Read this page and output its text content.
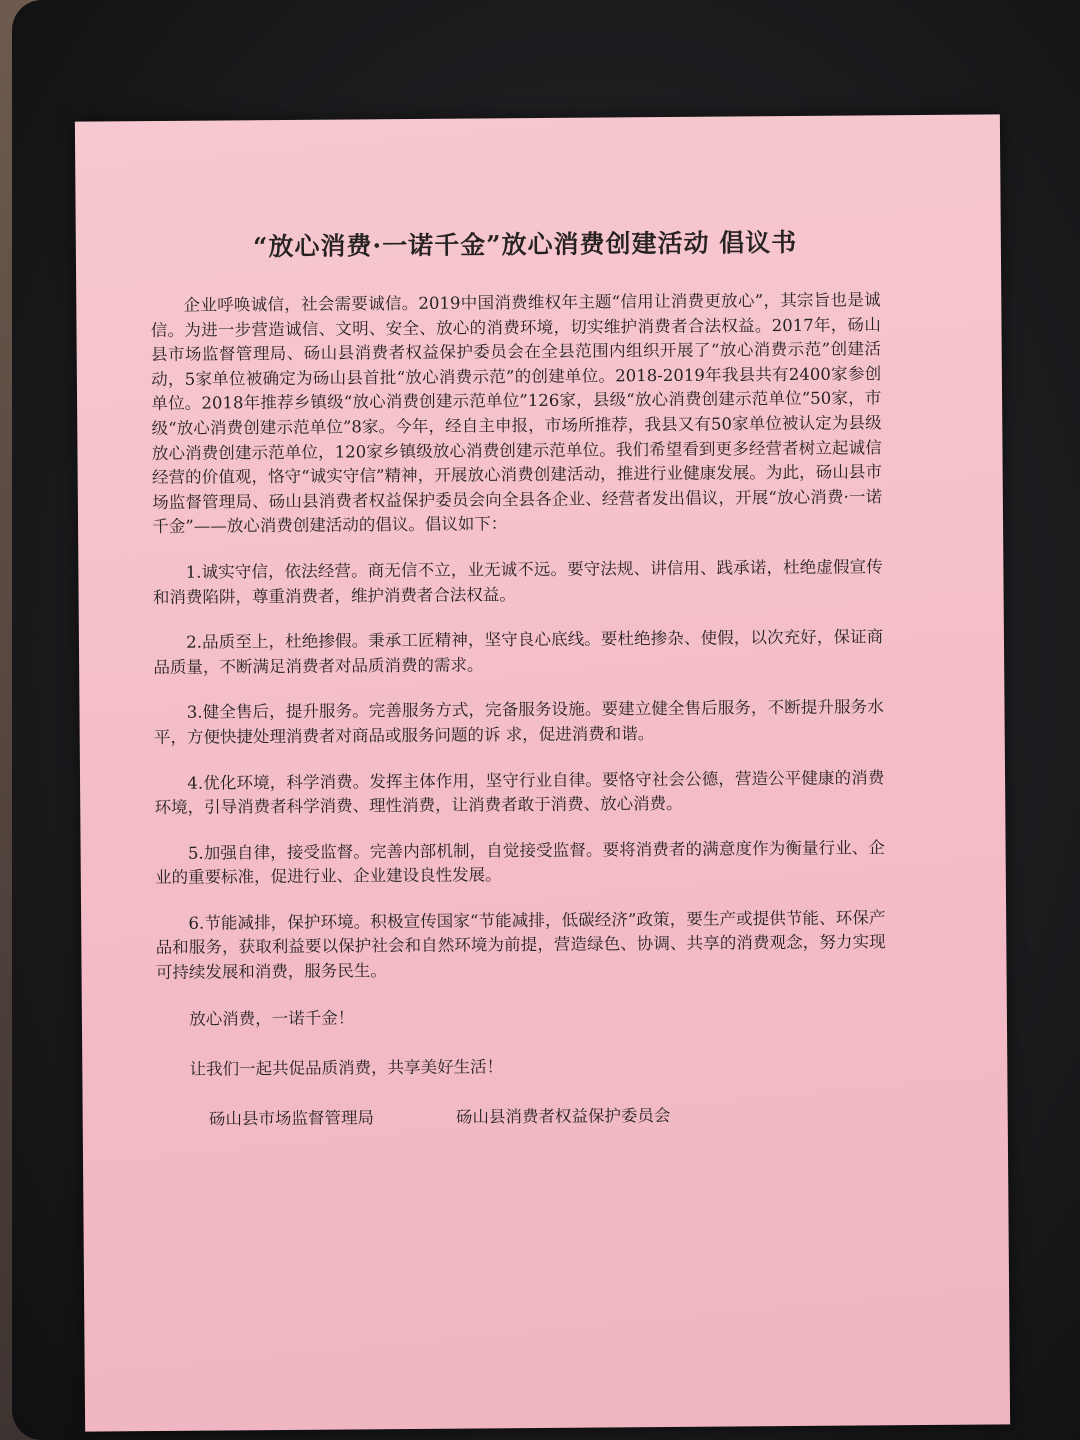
“放心消费·一诺千金”放心消费创建活动 倡议书

企业呼唤诚信，社会需要诚信。2019中国消费维权年主题“信用让消费更放心”，其宗旨也是诚信。为进一步营造诚信、文明、安全、放心的消费环境，切实维护消费者合法权益。2017年，砀山县市场监督管理局、砀山县消费者权益保护委员会在全县范围内组织开展了“放心消费示范”创建活动，5家单位被确定为砀山县首批“放心消费示范”的创建单位。2018-2019年我县共有2400家参创单位。2018年推荐乡镇级“放心消费创建示范单位”126家，县级“放心消费创建示范单位”50家，市级“放心消费创建示范单位”8家。今年，经自主申报，市场所推荐，我县又有50家单位被认定为县级放心消费创建示范单位，120家乡镇级放心消费创建示范单位。我们希望看到更多经营者树立起诚信经营的价值观，恪守“诚实守信”精神，开展放心消费创建活动，推进行业健康发展。为此，砀山县市场监督管理局、砀山县消费者权益保护委员会向全县各企业、经营者发出倡议，开展“放心消费·一诺千金”——放心消费创建活动的倡议。倡议如下：

1.诚实守信，依法经营。商无信不立，业无诚不远。要守法规、讲信用、践承诺，杜绝虚假宣传和消费陷阱，尊重消费者，维护消费者合法权益。

2.品质至上，杜绝掺假。秉承工匠精神，坚守良心底线。要杜绝掺杂、使假，以次充好，保证商品质量，不断满足消费者对品质消费的需求。

3.健全售后，提升服务。完善服务方式，完备服务设施。要建立健全售后服务，不断提升服务水平，方便快捷处理消费者对商品或服务问题的诉 求，促进消费和谐。

4.优化环境，科学消费。发挥主体作用，坚守行业自律。要恪守社会公德，营造公平健康的消费环境，引导消费者科学消费、理性消费，让消费者敢于消费、放心消费。

5.加强自律，接受监督。完善内部机制，自觉接受监督。要将消费者的满意度作为衡量行业、企业的重要标准，促进行业、企业建设良性发展。

6.节能减排，保护环境。积极宣传国家“节能减排，低碳经济”政策，要生产或提供节能、环保产品和服务，获取利益要以保护社会和自然环境为前提，营造绿色、协调、共享的消费观念，努力实现可持续发展和消费，服务民生。

放心消费，一诺千金！

让我们一起共促品质消费，共享美好生活！

砀山县市场监督管理局	砀山县消费者权益保护委员会
